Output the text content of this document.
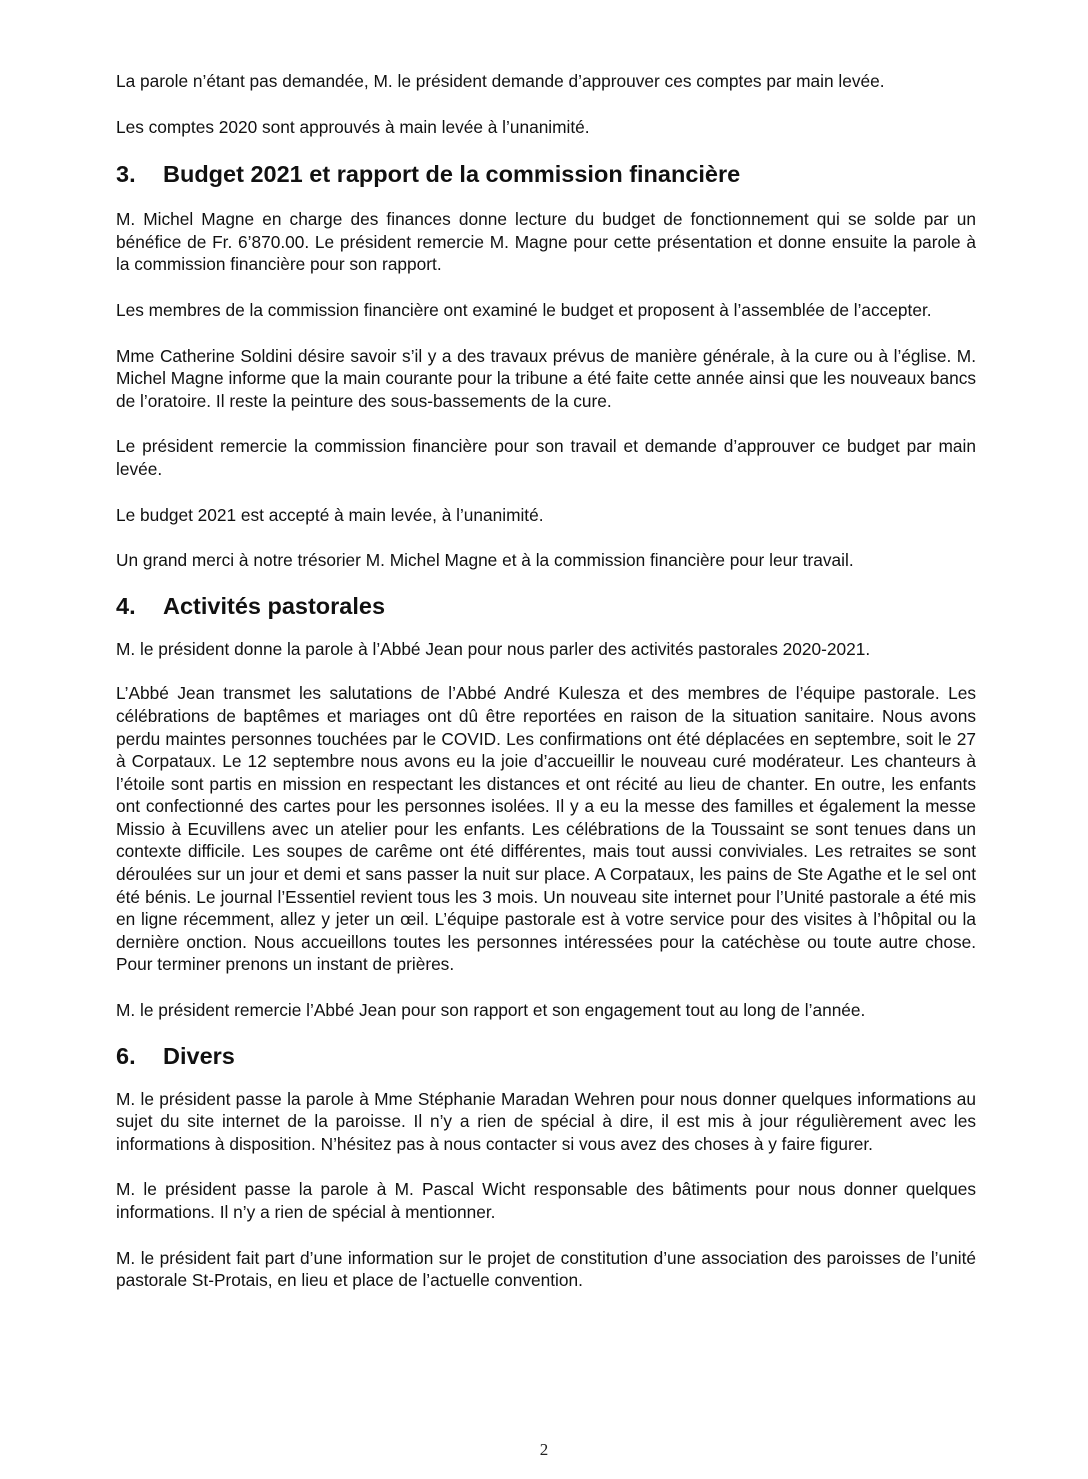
La parole n’étant pas demandée, M. le président demande d’approuver ces comptes par main levée.

Les comptes 2020 sont approuvés à main levée à l’unanimité.

3.	Budget 2021 et rapport de la commission financière

M. Michel Magne en charge des finances donne lecture du budget de fonctionnement qui se solde par un bénéfice de Fr. 6’870.00. Le président remercie M. Magne pour cette présentation et donne ensuite la parole à la commission financière pour son rapport.

Les membres de la commission financière ont examiné le budget et proposent à l’assemblée de l’accepter.

Mme Catherine Soldini désire savoir s’il y a des travaux prévus de manière générale, à la cure ou à l’église. M. Michel Magne informe que la main courante pour la tribune a été faite cette année ainsi que les nouveaux bancs de l’oratoire. Il reste la peinture des sous-bassements de la cure.

Le président remercie la commission financière pour son travail et demande d’approuver ce budget par main levée.

Le budget 2021 est accepté à main levée, à l’unanimité.

Un grand merci à notre trésorier M. Michel Magne et à la commission financière pour leur travail.

4.	Activités pastorales

M. le président donne la parole à l’Abbé Jean pour nous parler des activités pastorales 2020-2021.

L’Abbé Jean transmet les salutations de l’Abbé André Kulesza et des membres de l’équipe pastorale. Les célébrations de baptêmes et mariages ont dû être reportées en raison de la situation sanitaire. Nous avons perdu maintes personnes touchées par le COVID. Les confirmations ont été déplacées en septembre, soit le 27 à Corpataux. Le 12 septembre nous avons eu la joie d’accueillir le nouveau curé modérateur. Les chanteurs à l’étoile sont partis en mission en respectant les distances et ont récité au lieu de chanter. En outre, les enfants ont confectionné des cartes pour les personnes isolées. Il y a eu la messe des familles et également la messe Missio à Ecuvillens avec un atelier pour les enfants. Les célébrations de la Toussaint se sont tenues dans un contexte difficile. Les soupes de carême ont été différentes, mais tout aussi conviviales. Les retraites se sont déroulées sur un jour et demi et sans passer la nuit sur place. A Corpataux, les pains de Ste Agathe et le sel ont été bénis. Le journal l’Essentiel revient tous les 3 mois. Un nouveau site internet pour l’Unité pastorale a été mis en ligne récemment, allez y jeter un œil. L’équipe pastorale est à votre service pour des visites à l’hôpital ou la dernière onction. Nous accueillons toutes les personnes intéressées pour la catéchèse ou toute autre chose. Pour terminer prenons un instant de prières.

M. le président remercie l’Abbé Jean pour son rapport et son engagement tout au long de l’année.

6.	Divers

M. le président passe la parole à Mme Stéphanie Maradan Wehren pour nous donner quelques informations au sujet du site internet de la paroisse. Il n’y a rien de spécial à dire, il est mis à jour régulièrement avec les informations à disposition. N’hésitez pas à nous contacter si vous avez des choses à y faire figurer.

M. le président passe la parole à M. Pascal Wicht responsable des bâtiments pour nous donner quelques informations. Il n’y a rien de spécial à mentionner.

M. le président fait part d’une information sur le projet de constitution d’une association des paroisses de l’unité pastorale St-Protais, en lieu et place de l’actuelle convention.

2
